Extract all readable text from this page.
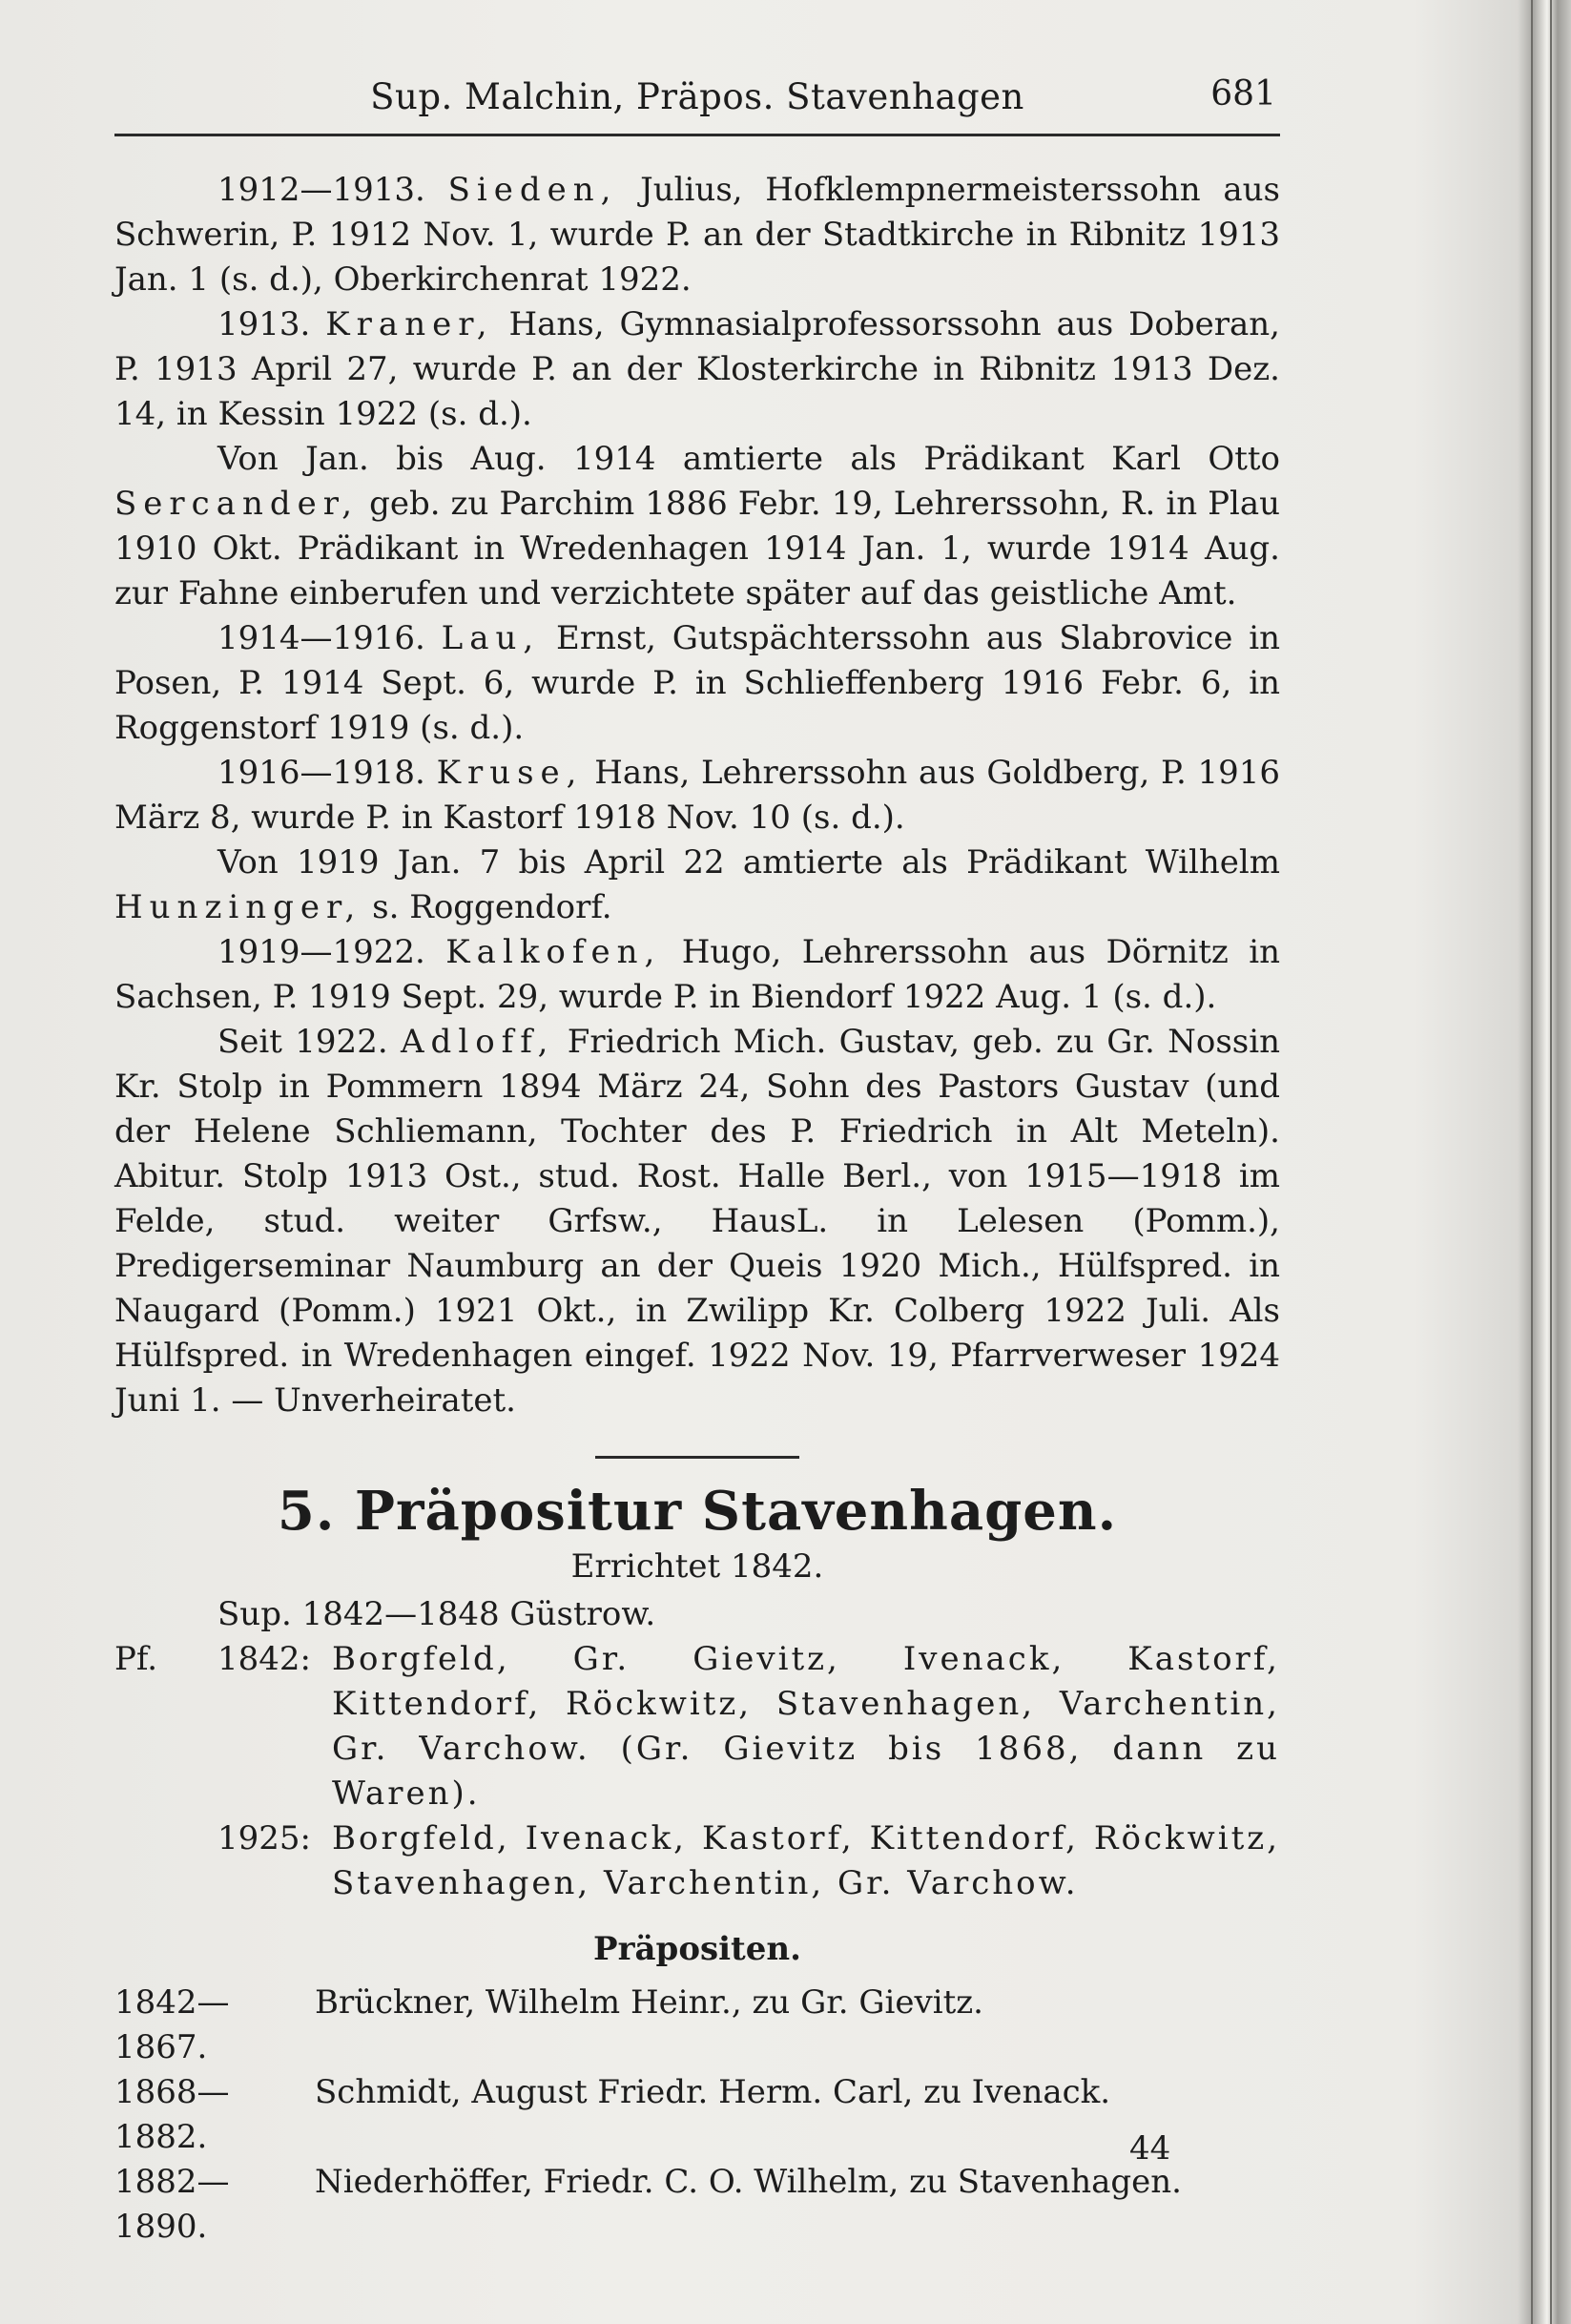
Sup. Malchin, Präpos. Stavenhagen	681

1912—1913. Sieden, Julius, Hofklempnermeisterssohn aus Schwerin, P. 1912 Nov. 1, wurde P. an der Stadtkirche in Ribnitz 1913 Jan. 1 (s. d.), Oberkirchenrat 1922.

1913. Kraner, Hans, Gymnasialprofessorssohn aus Doberan, P. 1913 April 27, wurde P. an der Klosterkirche in Ribnitz 1913 Dez. 14, in Kessin 1922 (s. d.).

Von Jan. bis Aug. 1914 amtierte als Prädikant Karl Otto Sercander, geb. zu Parchim 1886 Febr. 19, Lehrerssohn, R. in Plau 1910 Okt. Prädikant in Wredenhagen 1914 Jan. 1, wurde 1914 Aug. zur Fahne einberufen und verzichtete später auf das geistliche Amt.

1914—1916. Lau, Ernst, Gutspächterssohn aus Slabrovice in Posen, P. 1914 Sept. 6, wurde P. in Schlieffenberg 1916 Febr. 6, in Roggenstorf 1919 (s. d.).

1916—1918. Kruse, Hans, Lehrerssohn aus Goldberg, P. 1916 März 8, wurde P. in Kastorf 1918 Nov. 10 (s. d.).

Von 1919 Jan. 7 bis April 22 amtierte als Prädikant Wilhelm Hunzinger, s. Roggendorf.

1919—1922. Kalkofen, Hugo, Lehrerssohn aus Dörnitz in Sachsen, P. 1919 Sept. 29, wurde P. in Biendorf 1922 Aug. 1 (s. d.).

Seit 1922. Adloff, Friedrich Mich. Gustav, geb. zu Gr. Nossin Kr. Stolp in Pommern 1894 März 24, Sohn des Pastors Gustav (und der Helene Schliemann, Tochter des P. Friedrich in Alt Meteln). Abitur. Stolp 1913 Ost., stud. Rost. Halle Berl., von 1915—1918 im Felde, stud. weiter Grfsw., HausL. in Lelesen (Pomm.), Predigerseminar Naumburg an der Queis 1920 Mich., Hülfspred. in Naugard (Pomm.) 1921 Okt., in Zwilipp Kr. Colberg 1922 Juli. Als Hülfspred. in Wredenhagen eingef. 1922 Nov. 19, Pfarrverweser 1924 Juni 1. — Unverheiratet.

5. Präpositur Stavenhagen.
Errichtet 1842.
Sup. 1842—1848 Güstrow.
Pf.	1842: Borgfeld, Gr. Gievitz, Ivenack, Kastorf, Kittendorf, Röckwitz, Stavenhagen, Varchentin, Gr. Varchow. (Gr. Gievitz bis 1868, dann zu Waren).
1925: Borgfeld, Ivenack, Kastorf, Kittendorf, Röckwitz, Stavenhagen, Varchentin, Gr. Varchow.
Präpositen.
1842—1867.
Brückner, Wilhelm Heinr., zu Gr. Gievitz.
1868—1882.
Schmidt, August Friedr. Herm. Carl, zu Ivenack.
1882—1890.
Niederhöffer, Friedr. C. O. Wilhelm, zu Stavenhagen.
44
